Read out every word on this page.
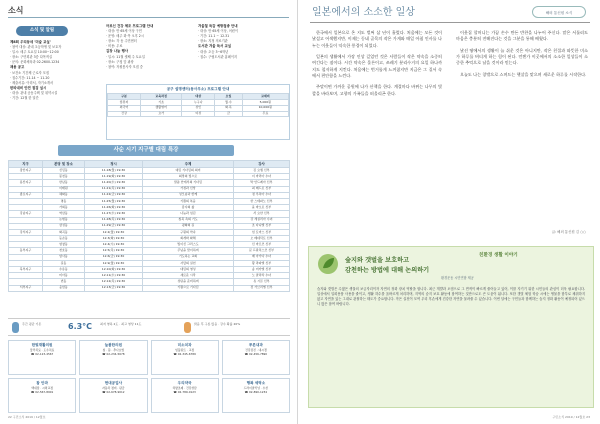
소식
소식 및 알림
제8회 우리동네 '미술 교실'

· 참여 대상: 관내 초등학생 및 보호자

· 일시: 매주 토요일 10:00~12:00

· 장소: 구민회관 3층 다목적실

· 문의: 문화체육과 02-2600-1234

채용 공고

· 보건소 기간제 근로자 모집

· 접수기간: 11.14 ~ 11.20

· 제출서류: 이력서, 자기소개서

한파대비 안전 점검 실시

· 대상: 관내 공동주택 및 취약시설

· 기간: 12월 한 달간

어르신 건강 체조 프로그램 안내

· 대상: 만 65세 이상 구민

· 운영: 매주 화·목 오후 2시

· 장소: 각 동 주민센터

· 비용: 무료

김장 나눔 행사

· 일시: 11월 셋째 주 토요일

· 장소: 구청 앞 광장

· 참여: 자원봉사자 모집 중

겨울철 독감 예방접종 안내

· 대상: 만 65세 이상, 어린이

· 기간: 11.1 ~ 12.31

· 장소: 지정 의료기관

도서관 겨울 독서 교실

· 대상: 초등 3~6학년

· 접수: 구립도서관 홈페이지

공구 설명센터(동사무소) 프로그램 안내
구분	교육과정	대상	요일	교재비
컴퓨터	기초	누구나	월·수	5,000원
외국어	생활영어	성인	화·목	10,000원
건강	요가	여성	금	무료
사순 시기 지구별 대림 특강
지구	본당 및 장소	정시	주제	강사
장안지구	신림동	11.18(월) 19:30	대림 기다림의 의미	김 요셉 신부
	봉천동	11.19(화) 19:30	희망의 빛으로	이 마리아 수녀
용산지구	한남동	11.20(수) 19:30	말씀 안에서의 기다림	박 안드레아 신부
	이태원	11.21(목) 19:30	가정과 신앙	최 베드로 신부
종로지구	혜화동	11.22(금) 19:30	성모님과 함께	정 루치아 수녀
	명동	11.25(월) 19:30	기쁨의 복음	한 스테파노 신부
	가회동	11.26(화) 19:30	감사의 삶	윤 바오로 신부
강남지구	역삼동	11.27(수) 19:30	나눔과 섬김	서 요한 신부
	논현동	11.28(목) 19:30	침묵 속의 기도	강 세실리아 수녀
	삼성동	11.29(금) 19:30	평화의 길	조 다니엘 신부
강서지구	화곡동	12.2(월) 19:30	구원의 약속	임 토마스 신부
	등촌동	12.3(화) 19:30	회개와 화해	오 베네딕토 신부
	염창동	12.4(수) 19:30	빛이신 그리스도	신 마르코 신부
동부지구	천호동	12.5(목) 19:30	주님을 맞이하며	문 프란치스코 신부
	암사동	12.6(금) 19:30	기도하는 교회	배 아가다 수녀
	길동	12.9(월) 19:30	사랑의 실천	황 라파엘 신부
북부지구	수유동	12.10(화) 19:30	대림의 영성	송 미카엘 신부
	미아동	12.11(수) 19:30	새로운 시작	노 클라라 수녀
	번동	12.12(목) 19:30	성탄을 준비하며	유 시몬 신부
서부지구	응암동	12.13(금) 19:30	기쁨으로 기다림	전 가브리엘 신부
주간 평균 기온	6.3°C	최저 영하 2도 · 최고 영상 11도	맑음 후 구름 많음 · 강수 확률 20%
한빛재활의원
물리치료 · 도수치료
☎ 02-123-4567
늘봄한의원
침 · 뜸 · 추나요법
☎ 02-234-5678
미소치과
임플란트 · 교정
☎ 02-345-6789
푸른내과
건강검진 · 내시경
☎ 02-456-7890
참 안과
백내장 · 시력교정
☎ 02-567-8901
현대공업사
자동차 정비 · 판금
☎ 02-678-9012
우리약국
처방조제 · 건강상담
☎ 02-789-0123
행복 세탁소
드라이클리닝 · 수선
☎ 02-890-1234
22 구민소식 2019 / 12월호
일본에서의 소소한 일상	해외 통신원 소식

한국에서 일본으로 온 지도 벌써 삼 년이 흘렀다. 처음에는 모든 것이 낯설고 어색했지만, 이제는 동네 골목의 작은 가게와 매일 아침 인사를 나누는 이웃들이 익숙한 풍경이 되었다.

일본의 생활에서 가장 인상 깊었던 것은 사람들이 작은 약속을 소중히 여긴다는 점이다. 시간 약속은 물론이고, 쓰레기 분리수거의 요일 하나까지도 철저하게 지킨다. 처음에는 번거롭게 느껴졌지만 지금은 그 질서 속에서 편안함을 느낀다.

주말이면 가까운 공원에 나가 산책을 한다. 계절마다 바뀌는 나무의 빛깔을 바라보며, 고향의 가족들을 떠올리곤 한다.

이웃집 할머니는 가끔 손수 만든 반찬을 나누어 주신다. 말은 서툴러도 마음은 충분히 전해진다는 것을 그분을 통해 배웠다.

낯선 땅에서의 생활이 늘 쉬운 것은 아니지만, 작은 친절과 따뜻한 미소가 하루를 버티게 하는 힘이 된다. 언젠가 이곳에서의 소소한 일상들이 소중한 추억으로 남을 것이라 믿는다.

오늘도 나는 창밖으로 스며드는 햇살을 맞으며 새로운 하루를 시작한다.

글: 해외 통신원 김 ○○
친환경 생활 이야기
숲지와 갯벌을 보호하고
감천하는 방법에 대해 논의하기
환경운동 시민연합 제공
습지와 갯벌은 수많은 생물의 보금자리이자 자연의 정화 장치 역할을 합니다. 최근 개발과 오염으로 그 면적이 빠르게 줄어들고 있어, 이를 지키기 위한 시민들의 관심이 더욱 필요합니다. 일상에서 일회용품 사용을 줄이고, 생활 하수를 올바르게 처리하며, 지역의 습지 보호 활동에 참여하는 것만으로도 큰 도움이 됩니다. 또한 갯벌 체험 학습 시에는 생물을 함부로 채취하지 않고 자연을 있는 그대로 관찰하는 태도가 중요합니다. 작은 실천이 모여 우리 후손에게 건강한 자연을 물려줄 수 있습니다. 이번 달에는 구민들과 함께하는 습지 정화 활동이 예정되어 있으니 많은 참여 바랍니다.
구민소식 2019 / 12월호 23
